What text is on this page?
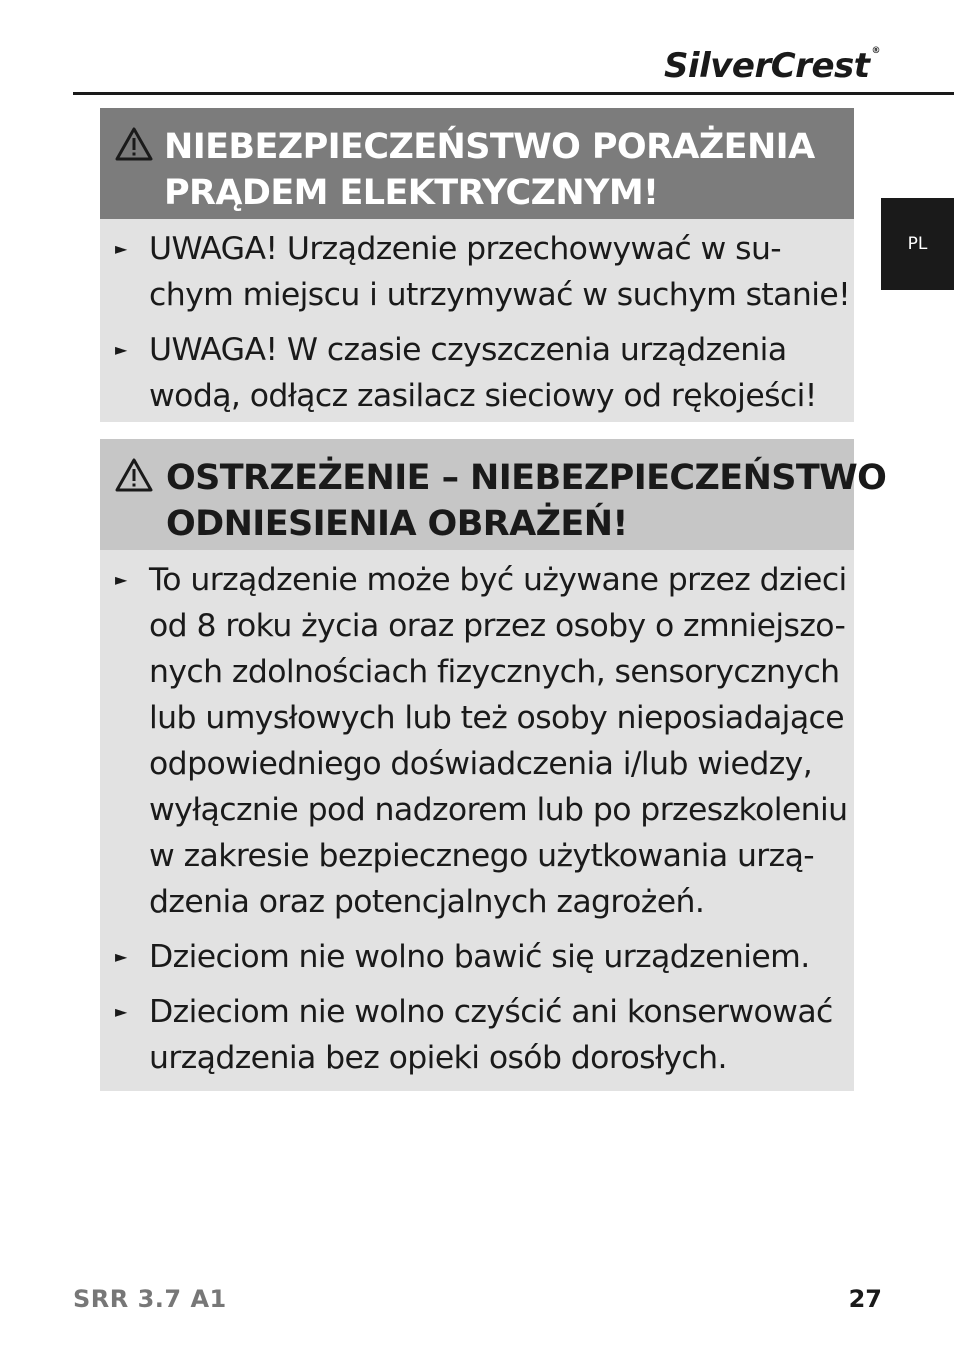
SilverCrest ®
PL
NIEBEZPIECZEŃSTWO PORAŻENIA
PRĄDEM ELEKTRYCZNYM!
► UWAGA! Urządzenie przechowywać w su-
chym miejscu i utrzymywać w suchym stanie!
► UWAGA! W czasie czyszczenia urządzenia
wodą, odłącz zasilacz sieciowy od rękojeści!
OSTRZEŻENIE – NIEBEZPIECZEŃSTWO
ODNIESIENIA OBRAŻEŃ!
► To urządzenie może być używane przez dzieci
od 8 roku życia oraz przez osoby o zmniejszo-
nych zdolnościach fizycznych, sensorycznych
lub umysłowych lub też osoby nieposiadające
odpowiedniego doświadczenia i/lub wiedzy,
wyłącznie pod nadzorem lub po przeszkoleniu
w zakresie bezpiecznego użytkowania urzą-
dzenia oraz potencjalnych zagrożeń.
► Dzieciom nie wolno bawić się urządzeniem.
► Dzieciom nie wolno czyścić ani konserwować
urządzenia bez opieki osób dorosłych.
SRR 3.7 A1	27
